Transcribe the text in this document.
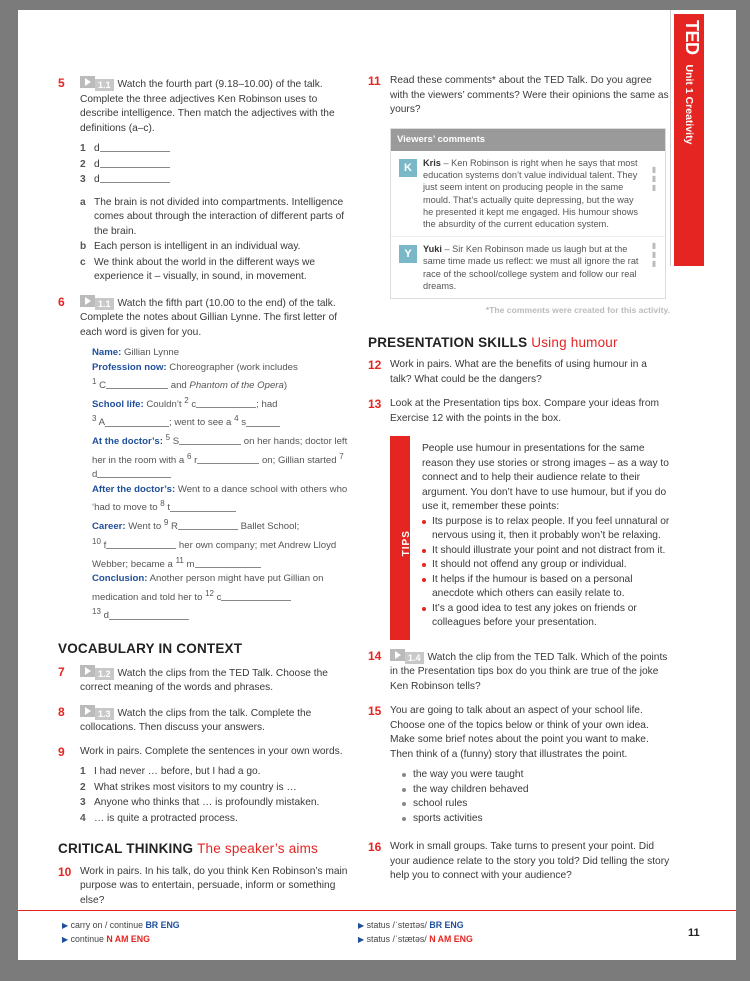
TEDUnit 1 Creativity
5	1.1 Watch the fourth part (9.18–10.00) of the talk. Complete the three adjectives Ken Robinson uses to describe intelligence. Then match the adjectives with the definitions (a–c).
1 d
2 d
3 d
a The brain is not divided into compartments. Intelligence comes about through the interaction of different parts of the brain.
b Each person is intelligent in an individual way.
c We think about the world in the different ways we experience it – visually, in sound, in movement.
6	1.1 Watch the fifth part (10.00 to the end) of the talk. Complete the notes about Gillian Lynne. The first letter of each word is given for you.
Name: Gillian Lynne
Profession now: Choreographer (work includes
$^1$ C	and Phantom of the Opera)
School life: Couldn’t $^2$ c	; had
$^3$ A	; went to see a $^4$ s
At the doctor’s: $^5$ S	on her hands; doctor left her in the room with a $^6$ r	on; Gillian started $^7$ d
After the doctor’s: Went to a dance school with others who ‘had to move to $^8$ t
Career: Went to $^9$ R	Ballet School;
$^{10}$ f	her own company; met Andrew Lloyd Webber; became a $^{11}$ m
Conclusion: Another person might have put Gillian on medication and told her to $^{12}$ c
$^{13}$ d
VOCABULARY IN CONTEXT
7	1.2 Watch the clips from the TED Talk. Choose the correct meaning of the words and phrases.
8	1.3 Watch the clips from the talk. Complete the collocations. Then discuss your answers.
9 Work in pairs. Complete the sentences in your own words.
1 I had never … before, but I had a go.
2 What strikes most visitors to my country is …
3 Anyone who thinks that … is profoundly mistaken.
4 … is quite a protracted process.
CRITICAL THINKING The speaker’s aims
10 Work in pairs. In his talk, do you think Ken Robinson’s main purpose was to entertain, persuade, inform or something else?
11 Read these comments* about the TED Talk. Do you agree with the viewers’ comments? Were their opinions the same as yours?
Viewers’ comments
K	Kris – Ken Robinson is right when he says that most education systems don’t value individual talent. They just seem intent on producing people in the same mould. That’s actually quite depressing, but the way he presented it kept me engaged. His humour shows the absurdity of the current education system.
▮
▮
▮
Y	Yuki – Sir Ken Robinson made us laugh but at the same time made us reflect: we must all ignore the rat race of the school/college system and follow our real dreams.
▮
▮
▮
*The comments were created for this activity.
PRESENTATION SKILLS Using humour
12 Work in pairs. What are the benefits of using humour in a talk? What could be the dangers?
13 Look at the Presentation tips box. Compare your ideas from Exercise 12 with the points in the box.
TIPS
People use humour in presentations for the same reason they use stories or strong images – as a way to connect and to help their audience relate to their argument. You don’t have to use humour, but if you do use it, remember these points:
Its purpose is to relax people. If you feel unnatural or nervous using it, then it probably won’t be relaxing.
It should illustrate your point and not distract from it.
It should not offend any group or individual.
It helps if the humour is based on a personal anecdote which others can easily relate to.
It’s a good idea to test any jokes on friends or colleagues before your presentation.
14	1.4 Watch the clip from the TED Talk. Which of the points in the Presentation tips box do you think are true of the joke Ken Robinson tells?
15 You are going to talk about an aspect of your school life. Choose one of the topics below or think of your own idea. Make some brief notes about the point you want to make. Then think of a (funny) story that illustrates the point.
the way you were taught
the way children behaved
school rules
sports activities
16 Work in small groups. Take turns to present your point. Did your audience relate to the story you told? Did telling the story help you to connect with your audience?
▶ carry on / continue BR ENG
▶ continue N AM ENG
▶ status /ˈsteɪtəs/ BR ENG
▶ status /ˈstætəs/ N AM ENG	11
